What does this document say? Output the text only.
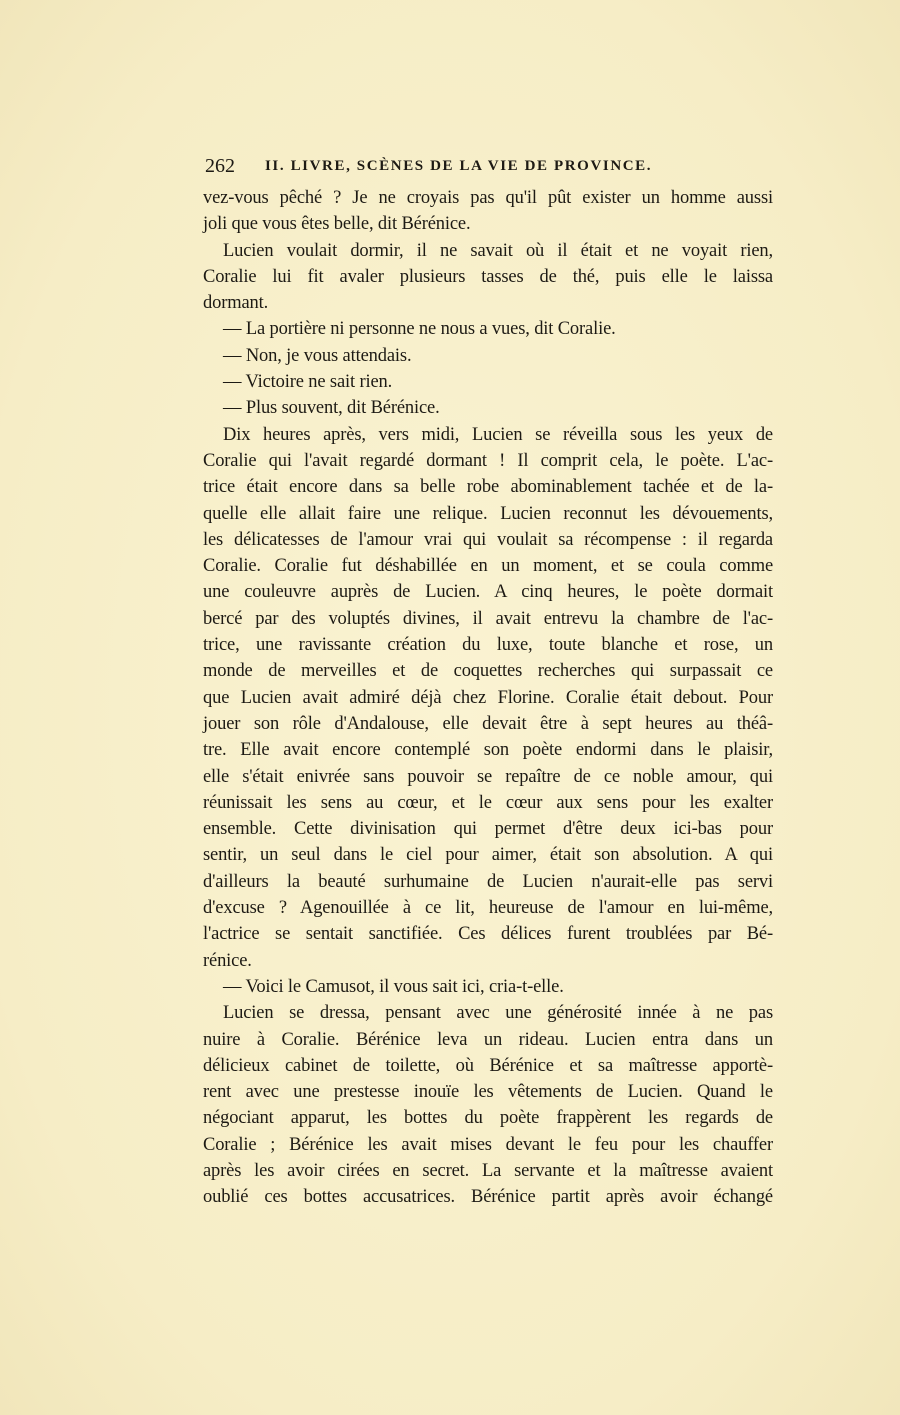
262 II. LIVRE, SCÈNES DE LA VIE DE PROVINCE.
vez-vous pêché ? Je ne croyais pas qu'il pût exister un homme aussi
joli que vous êtes belle, dit Bérénice.
Lucien voulait dormir, il ne savait où il était et ne voyait rien,
Coralie lui fit avaler plusieurs tasses de thé, puis elle le laissa
dormant.
— La portière ni personne ne nous a vues, dit Coralie.
— Non, je vous attendais.
— Victoire ne sait rien.
— Plus souvent, dit Bérénice.
Dix heures après, vers midi, Lucien se réveilla sous les yeux de
Coralie qui l'avait regardé dormant ! Il comprit cela, le poète. L'ac-
trice était encore dans sa belle robe abominablement tachée et de la-
quelle elle allait faire une relique. Lucien reconnut les dévouements,
les délicatesses de l'amour vrai qui voulait sa récompense : il regarda
Coralie. Coralie fut déshabillée en un moment, et se coula comme
une couleuvre auprès de Lucien. A cinq heures, le poète dormait
bercé par des voluptés divines, il avait entrevu la chambre de l'ac-
trice, une ravissante création du luxe, toute blanche et rose, un
monde de merveilles et de coquettes recherches qui surpassait ce
que Lucien avait admiré déjà chez Florine. Coralie était debout. Pour
jouer son rôle d'Andalouse, elle devait être à sept heures au théâ-
tre. Elle avait encore contemplé son poète endormi dans le plaisir,
elle s'était enivrée sans pouvoir se repaître de ce noble amour, qui
réunissait les sens au cœur, et le cœur aux sens pour les exalter
ensemble. Cette divinisation qui permet d'être deux ici-bas pour
sentir, un seul dans le ciel pour aimer, était son absolution. A qui
d'ailleurs la beauté surhumaine de Lucien n'aurait-elle pas servi
d'excuse ? Agenouillée à ce lit, heureuse de l'amour en lui-même,
l'actrice se sentait sanctifiée. Ces délices furent troublées par Bé-
rénice.
— Voici le Camusot, il vous sait ici, cria-t-elle.
Lucien se dressa, pensant avec une générosité innée à ne pas
nuire à Coralie. Bérénice leva un rideau. Lucien entra dans un
délicieux cabinet de toilette, où Bérénice et sa maîtresse apportè-
rent avec une prestesse inouïe les vêtements de Lucien. Quand le
négociant apparut, les bottes du poète frappèrent les regards de
Coralie ; Bérénice les avait mises devant le feu pour les chauffer
après les avoir cirées en secret. La servante et la maîtresse avaient
oublié ces bottes accusatrices. Bérénice partit après avoir échangé
